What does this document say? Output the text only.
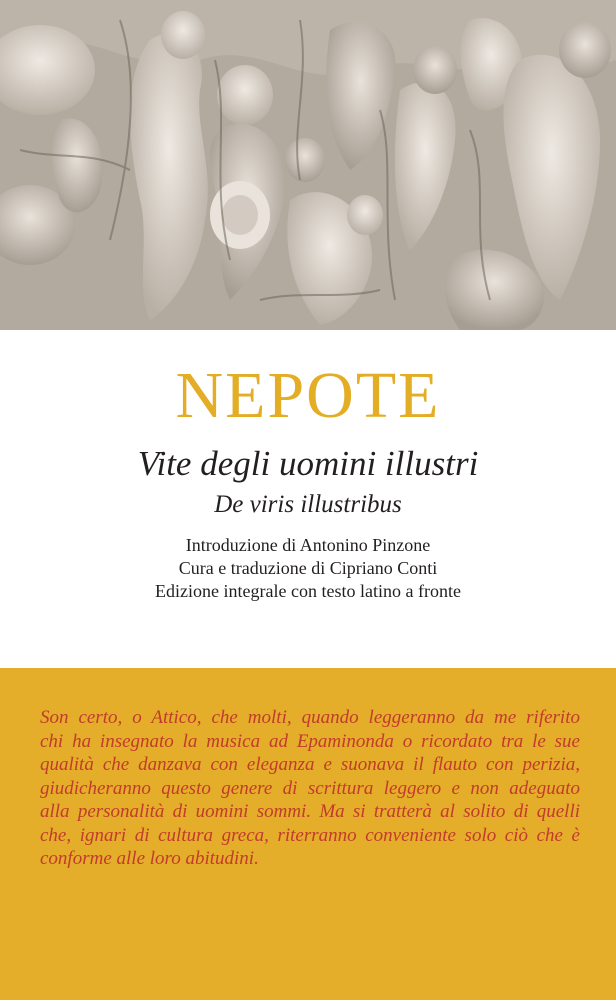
NEPOTE
Vite degli uomini illustri
De viris illustribus
Introduzione di Antonino Pinzone
Cura e traduzione di Cipriano Conti
Edizione integrale con testo latino a fronte
Son certo, o Attico, che molti, quando leggeranno da me riferito
chi ha insegnato la musica ad Epaminonda o ricordato tra le sue
qualità che danzava con eleganza e suonava il flauto con perizia,
giudicheranno questo genere di scrittura leggero e non adeguato
alla personalità di uomini sommi. Ma si tratterà al solito di quelli
che, ignari di cultura greca, riterranno conveniente solo ciò che è
conforme alle loro abitudini.
